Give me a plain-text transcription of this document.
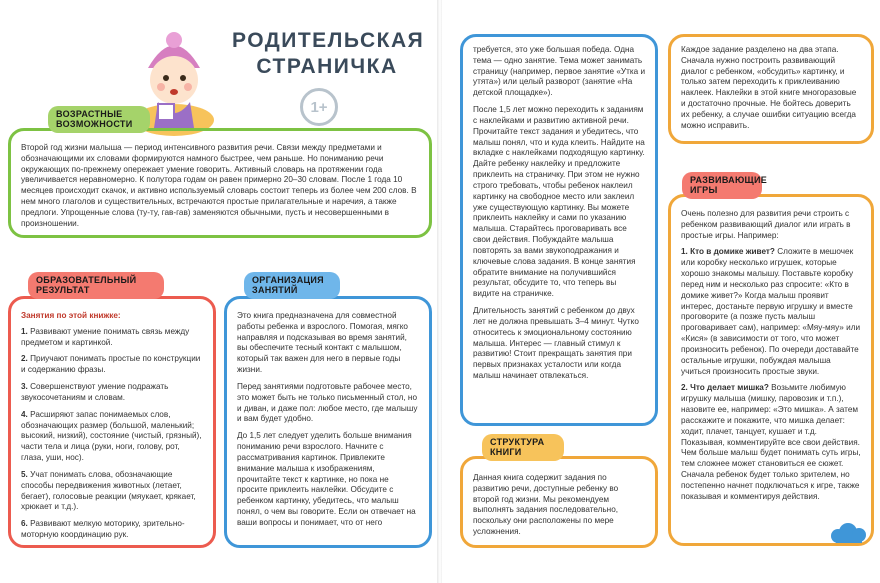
РОДИТЕЛЬСКАЯ
СТРАНИЧКА
1+

Второй год жизни малыша — период интенсивного развития речи. Связи между предметами и обозначающими их словами формируются намного быстрее, чем раньше. Но пониманию речи окружающих по-прежнему опережает умение говорить. Активный словарь на протяжении года увеличивается неравномерно. К полутора годам он равен примерно 20–30 словам. После 1 года 10 месяцев происходит скачок, и активно используемый словарь состоит теперь из более чем 200 слов. В нем много глаголов и существительных, встречаются простые прилагательные и наречия, а также предлоги. Упрощенные слова (ту-ту, гав-гав) заменяются обычными, пусть и несовершенными в произношении.

ВОЗРАСТНЫЕ ВОЗМОЖНОСТИ
Занятия по этой книжке:
1. Развивают умение понимать связь между предметом и картинкой.
2. Приучают понимать простые по конструкции и содержанию фразы.
3. Совершенствуют умение подражать звукосочетаниям и словам.
4. Расширяют запас понимаемых слов, обозначающих размер (большой, маленький; высокий, низкий), состояние (чистый, грязный), части тела и лица (руки, ноги, голову, рот, глаза, уши, нос).
5. Учат понимать слова, обозначающие способы передвижения животных (летает, бегает), голосовые реакции (мяукает, крякает, хрюкает и т.д.).
6. Развивают мелкую моторику, зрительно-моторную координацию рук.
ОБРАЗОВАТЕЛЬНЫЙ РЕЗУЛЬТАТ

Это книга предназначена для совместной работы ребенка и взрослого. Помогая, мягко направляя и подсказывая во время занятий, вы обеспечите тесный контакт с малышом, который так важен для него в первые годы жизни.

Перед занятиями подготовьте рабочее место, это может быть не только письменный стол, но и диван, и даже пол: любое место, где малышу и вам будет удобно.

До 1,5 лет следует уделить больше внимания пониманию речи взрослого. Начните с рассматривания картинок. Привлеките внимание малыша к изображениям, прочитайте текст к картинке, но пока не просите приклеить наклейки. Обсудите с ребенком картинку, убедитесь, что малыш понял, о чем вы говорите. Если он отвечает на ваши вопросы и понимает, что от него

ОРГАНИЗАЦИЯ ЗАНЯТИЙ

требуется, это уже большая победа. Одна тема — одно занятие. Тема может занимать страницу (например, первое занятие «Утка и утята») или целый разворот (занятие «На детской площадке»).

После 1,5 лет можно переходить к заданиям с наклейками и развитию активной речи. Прочитайте текст задания и убедитесь, что малыш понял, что и куда клеить. Найдите на вкладке с наклейками подходящую картинку. Дайте ребенку наклейку и предложите приклеить на страничку. При этом не нужно строго требовать, чтобы ребенок наклеил картинку на свободное место или заклеил уже существующую картинку. Вы можете приклеить наклейку и сами по указанию малыша. Старайтесь проговаривать все свои действия. Побуждайте малыша повторять за вами звукоподражания и ключевые слова задания. В конце занятия обратите внимание на получившийся результат, обсудите то, что теперь вы видите на страничке.

Длительность занятий с ребенком до двух лет не должна превышать 3–4 минут. Чутко относитесь к эмоциональному состоянию малыша. Интерес — главный стимул к развитию! Стоит прекращать занятия при первых признаках усталости или когда малыш начинает отвлекаться.

Данная книга содержит задания по развитию речи, доступные ребенку во второй год жизни. Мы рекомендуем выполнять задания последовательно, поскольку они расположены по мере усложнения.

СТРУКТУРА КНИГИ

Каждое задание разделено на два этапа. Сначала нужно построить развивающий диалог с ребенком, «обсудить» картинку, и только затем переходить к приклеиванию наклеек. Наклейки в этой книге многоразовые и достаточно прочные. Не бойтесь доверить их ребенку, а случае ошибки ситуацию всегда можно исправить.

Очень полезно для развития речи строить с ребенком развивающий диалог или играть в простые игры. Например:

1. Кто в домике живет? Сложите в мешочек или коробку несколько игрушек, которые хорошо знакомы малышу. Поставьте коробку перед ним и несколько раз спросите: «Кто в домике живет?» Когда малыш проявит интерес, достаньте первую игрушку и вместе проговорите (а позже пусть малыш проговаривает сам), например: «Мяу-мяу» или «Кися» (в зависимости от того, что может произносить ребенок). По очереди доставайте остальные игрушки, побуждая малыша учиться произносить простые звуки.

2. Что делает мишка? Возьмите любимую игрушку малыша (мишку, паровозик и т.п.), назовите ее, например: «Это мишка». А затем расскажите и покажите, что мишка делает: ходит, плачет, танцует, кушает и т.д. Показывая, комментируйте все свои действия. Чем больше малыш будет понимать суть игры, тем сложнее может становиться ее сюжет. Сначала ребенок будет только зрителем, но постепенно начнет подключаться к игре, также показывая и комментируя действия.

РАЗВИВАЮЩИЕ ИГРЫ
